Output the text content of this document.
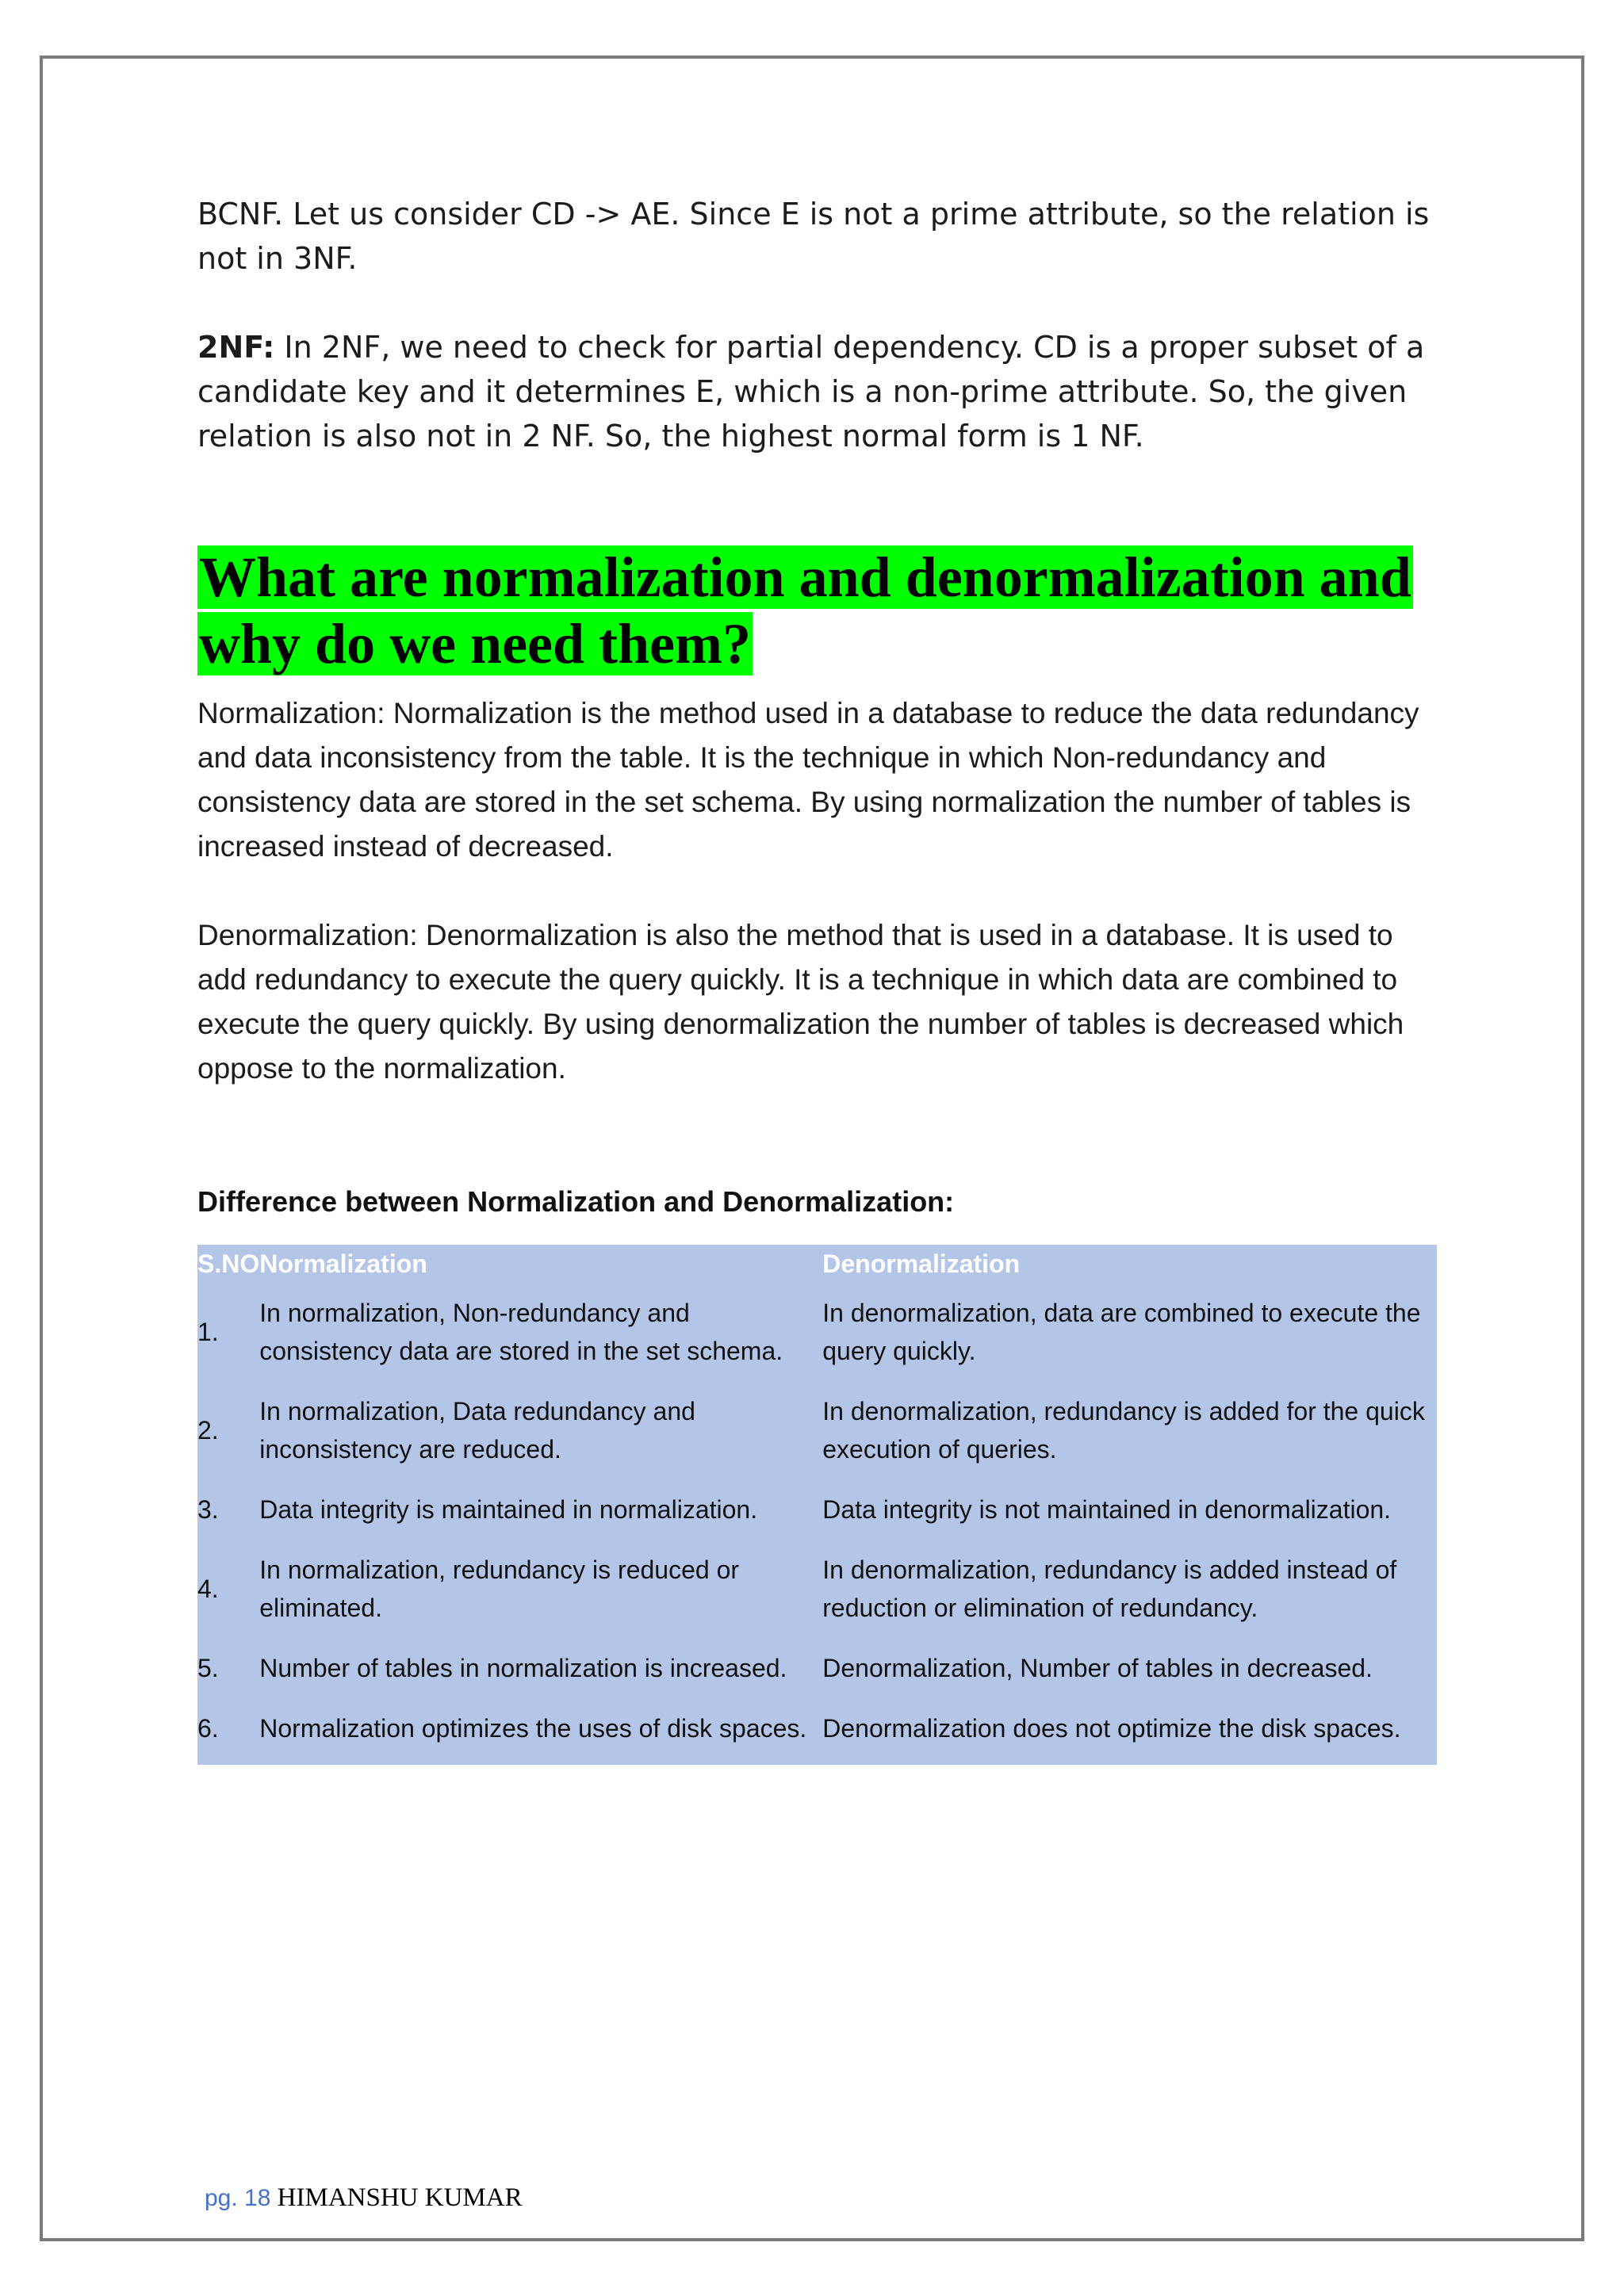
BCNF. Let us consider CD -> AE. Since E is not a prime attribute, so the relation is not in 3NF.

2NF: In 2NF, we need to check for partial dependency. CD is a proper subset of a candidate key and it determines E, which is a non-prime attribute. So, the given relation is also not in 2 NF. So, the highest normal form is 1 NF.

What are normalization and denormalization and why do we need them?

Normalization: Normalization is the method used in a database to reduce the data redundancy and data inconsistency from the table. It is the technique in which Non-redundancy and consistency data are stored in the set schema. By using normalization the number of tables is increased instead of decreased.

Denormalization: Denormalization is also the method that is used in a database. It is used to add redundancy to execute the query quickly. It is a technique in which data are combined to execute the query quickly. By using denormalization the number of tables is decreased which oppose to the normalization.

Difference between Normalization and Denormalization:

S.NO	Normalization	Denormalization
1.	In normalization, Non-redundancy and consistency data are stored in the set schema.	In denormalization, data are combined to execute the query quickly.
2.	In normalization, Data redundancy and inconsistency are reduced.	In denormalization, redundancy is added for the quick execution of queries.
3.	Data integrity is maintained in normalization.	Data integrity is not maintained in denormalization.
4.	In normalization, redundancy is reduced or eliminated.	In denormalization, redundancy is added instead of reduction or elimination of redundancy.
5.	Number of tables in normalization is increased.	Denormalization, Number of tables in decreased.
6.	Normalization optimizes the uses of disk spaces.	Denormalization does not optimize the disk spaces.
pg. 18 HIMANSHU KUMAR
